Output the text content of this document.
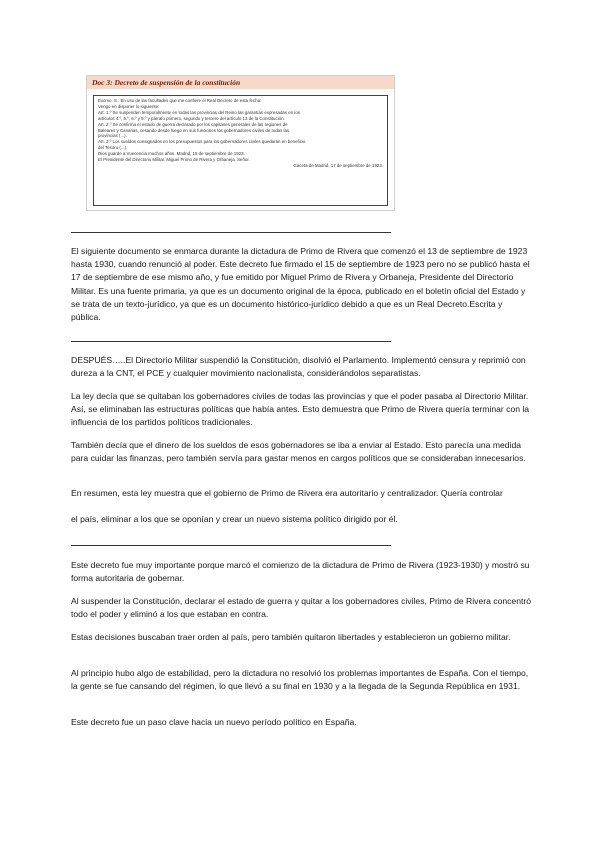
Doc 3: Decreto de suspensión de la constitución
Excmo. S.: En uso de las facultades que me confiere el Real Decreto de esta fecha:
Vengo en disponer lo siguiente:
Art. 1.º Se suspenden temporalmente en todas las provincias del Reino las garantías expresadas en los
artículos 4.º, 5.º, 6.º y 9.º y párrafo primero, segundo y tercero del artículo 13 de la Constitución.
Art. 2.º Se confirma el estado de guerra declarado por los capitanes generales de las regiones de
Baleares y Canarias, cesando desde luego en sus funciones los gobernadores civiles de todas las
provincias (...).
Art. 3.º Los sueldos consignados en los presupuestos para los gobernadores civiles quedarán en beneficio
del Tesoro (...).
Dios guarde a Vuecencia muchos años. Madrid, 15 de septiembre de 1923.
El Presidente del Directorio Militar, Miguel Primo de Rivera y Orbaneja. Señor.
Gaceta de Madrid, 17 de septiembre de 1923.

El siguiente documento se enmarca durante la dictadura de Primo de Rivera que comenzó el 13 de septiembre de 1923 hasta 1930, cuando renunció al poder. Este decreto fue firmado el 15 de septiembre de 1923 pero no se publicó hasta el 17 de septiembre de ese mismo año, y fue emitido por Miguel Primo de Rivera y Orbaneja, Presidente del Directorio Militar. Es una fuente primaria, ya que es un documento original de la época, publicado en el boletín oficial del Estado y se trata de un texto-jurídico, ya que es un documento histórico-jurídico debido a que es un Real Decreto.Escrita y pública.

DESPUÉS…..El Directorio Militar suspendió la Constitución, disolvió el Parlamento. Implementó censura y reprimió con dureza a la CNT, el PCE y cualquier movimiento nacionalista, considerándolos separatistas.

La ley decía que se quitaban los gobernadores civiles de todas las provincias y que el poder pasaba al Directorio Militar. Así, se eliminaban las estructuras políticas que había antes. Esto demuestra que Primo de Rivera quería terminar con la influencia de los partidos políticos tradicionales.

También decía que el dinero de los sueldos de esos gobernadores se iba a enviar al Estado. Esto parecía una medida para cuidar las finanzas, pero también servía para gastar menos en cargos políticos que se consideraban innecesarios.

En resumen, esta ley muestra que el gobierno de Primo de Rivera era autoritario y centralizador. Quería controlar

el país, eliminar a los que se oponían y crear un nuevo sistema político dirigido por él.

Este decreto fue muy importante porque marcó el comienzo de la dictadura de Primo de Rivera (1923-1930) y mostró su forma autoritaria de gobernar.

Al suspender la Constitución, declarar el estado de guerra y quitar a los gobernadores civiles, Primo de Rivera concentró todo el poder y eliminó a los que estaban en contra.

Estas decisiones buscaban traer orden al país, pero también quitaron libertades y establecieron un gobierno militar.

Al principio hubo algo de estabilidad, pero la dictadura no resolvió los problemas importantes de España. Con el tiempo, la gente se fue cansando del régimen, lo que llevó a su final en 1930 y a la llegada de la Segunda República en 1931.

Este decreto fue un paso clave hacia un nuevo período político en España.
